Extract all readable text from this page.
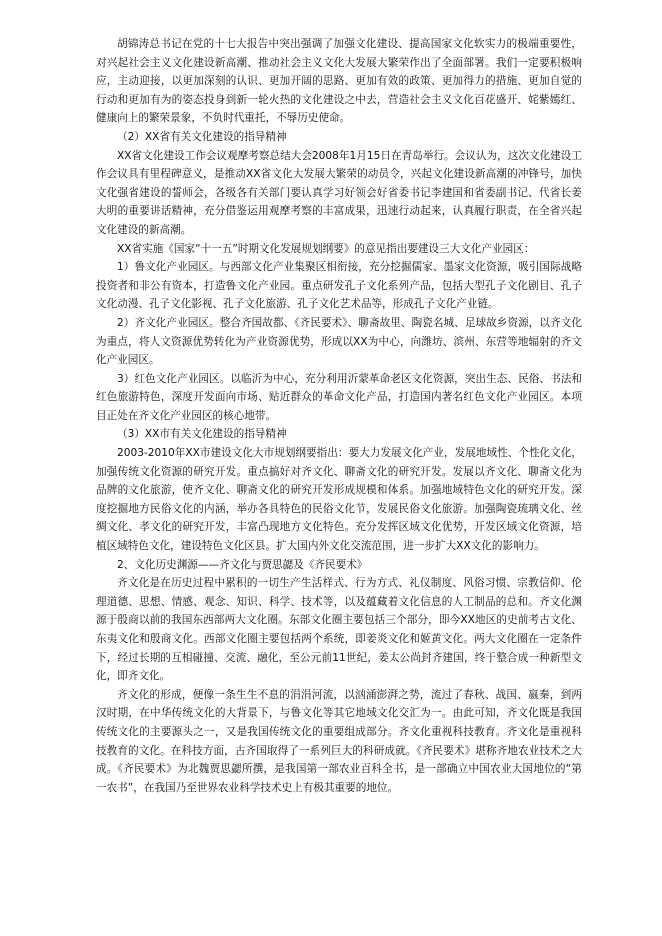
胡锦涛总书记在党的十七大报告中突出强调了加强文化建设、提高国家文化软实力的极端重要性，对兴起社会主义文化建设新高潮、推动社会主义文化大发展大繁荣作出了全面部署。我们一定要积极响应，主动迎接，以更加深刻的认识、更加开阔的思路、更加有效的政策、更加得力的措施、更加自觉的行动和更加有为的姿态投身到新一轮火热的文化建设之中去，营造社会主义文化百花盛开、姹紫嫣红、健康向上的繁荣景象，不负时代重托，不辱历史使命。

（2）XX省有关文化建设的指导精神

XX省文化建设工作会议观摩考察总结大会2008年1月15日在青岛举行。会议认为，这次文化建设工作会议具有里程碑意义，是推动XX省文化大发展大繁荣的动员令，兴起文化建设新高潮的冲锋号，加快文化强省建设的誓师会，各级各有关部门要认真学习好领会好省委书记李建国和省委副书记、代省长姜大明的重要讲话精神，充分借鉴运用观摩考察的丰富成果，迅速行动起来，认真履行职责，在全省兴起文化建设的新高潮。

XX省实施《国家“十一五”时期文化发展规划纲要》的意见指出要建设三大文化产业园区：

1）鲁文化产业园区。与西部文化产业集聚区相衔接，充分挖掘儒家、墨家文化资源，吸引国际战略投资者和非公有资本，打造鲁文化产业园。重点研发孔子文化系列产品，包括大型孔子文化剧目、孔子文化动漫、孔子文化影视、孔子文化旅游、孔子文化艺术品等，形成孔子文化产业链。

2）齐文化产业园区。整合齐国故都、《齐民要术》、聊斋故里、陶瓷名城、足球故乡资源，以齐文化为重点，将人文资源优势转化为产业资源优势，形成以XX为中心，向潍坊、滨州、东营等地辐射的齐文化产业园区。

3）红色文化产业园区。以临沂为中心，充分利用沂蒙革命老区文化资源，突出生态、民俗、书法和红色旅游特色，深度开发面向市场、贴近群众的革命文化产品，打造国内著名红色文化产业园区。本项目正处在齐文化产业园区的核心地带。

（3）XX市有关文化建设的指导精神

2003-2010年XX市建设文化大市规划纲要指出：要大力发展文化产业，发展地域性、个性化文化，加强传统文化资源的研究开发。重点搞好对齐文化、聊斋文化的研究开发。发展以齐文化、聊斋文化为品牌的文化旅游，使齐文化、聊斋文化的研究开发形成规模和体系。加强地域特色文化的研究开发。深度挖掘地方民俗文化的内涵，举办各具特色的民俗文化节，发展民俗文化旅游。加强陶瓷琉璃文化、丝绸文化、孝文化的研究开发，丰富凸现地方文化特色。充分发挥区域文化优势，开发区域文化资源，培植区域特色文化，建设特色文化区县。扩大国内外文化交流范围，进一步扩大XX文化的影响力。

2、文化历史渊源——齐文化与贾思勰及《齐民要术》

齐文化是在历史过程中累积的一切生产生活样式、行为方式、礼仪制度、风俗习惯、宗教信仰、伦理道德、思想、情感、观念、知识、科学、技术等，以及蕴藏着文化信息的人工制品的总和。齐文化渊源于殷商以前的我国东西部两大文化圈。东部文化圈主要包括三个部分，即今XX地区的史前考古文化、东夷文化和殷商文化。西部文化圈主要包括两个系统，即姜炎文化和姬黄文化。两大文化圈在一定条件下，经过长期的互相碰撞、交流、融化，至公元前11世纪，姜太公尚封齐建国，终于整合成一种新型文化，即齐文化。

齐文化的形成，便像一条生生不息的涓涓河流，以汹涌澎湃之势，流过了春秋、战国、嬴秦，到两汉时期，在中华传统文化的大背景下，与鲁文化等其它地域文化交汇为一。由此可知，齐文化既是我国传统文化的主要源头之一，又是我国传统文化的重要组成部分。齐文化重视科技教育。齐文化是重视科技教育的文化。在科技方面，古齐国取得了一系列巨大的科研成就。《齐民要术》堪称齐地农业技术之大成。《齐民要术》为北魏贾思勰所撰，是我国第一部农业百科全书，是一部确立中国农业大国地位的“第一农书”，在我国乃至世界农业科学技术史上有极其重要的地位。
